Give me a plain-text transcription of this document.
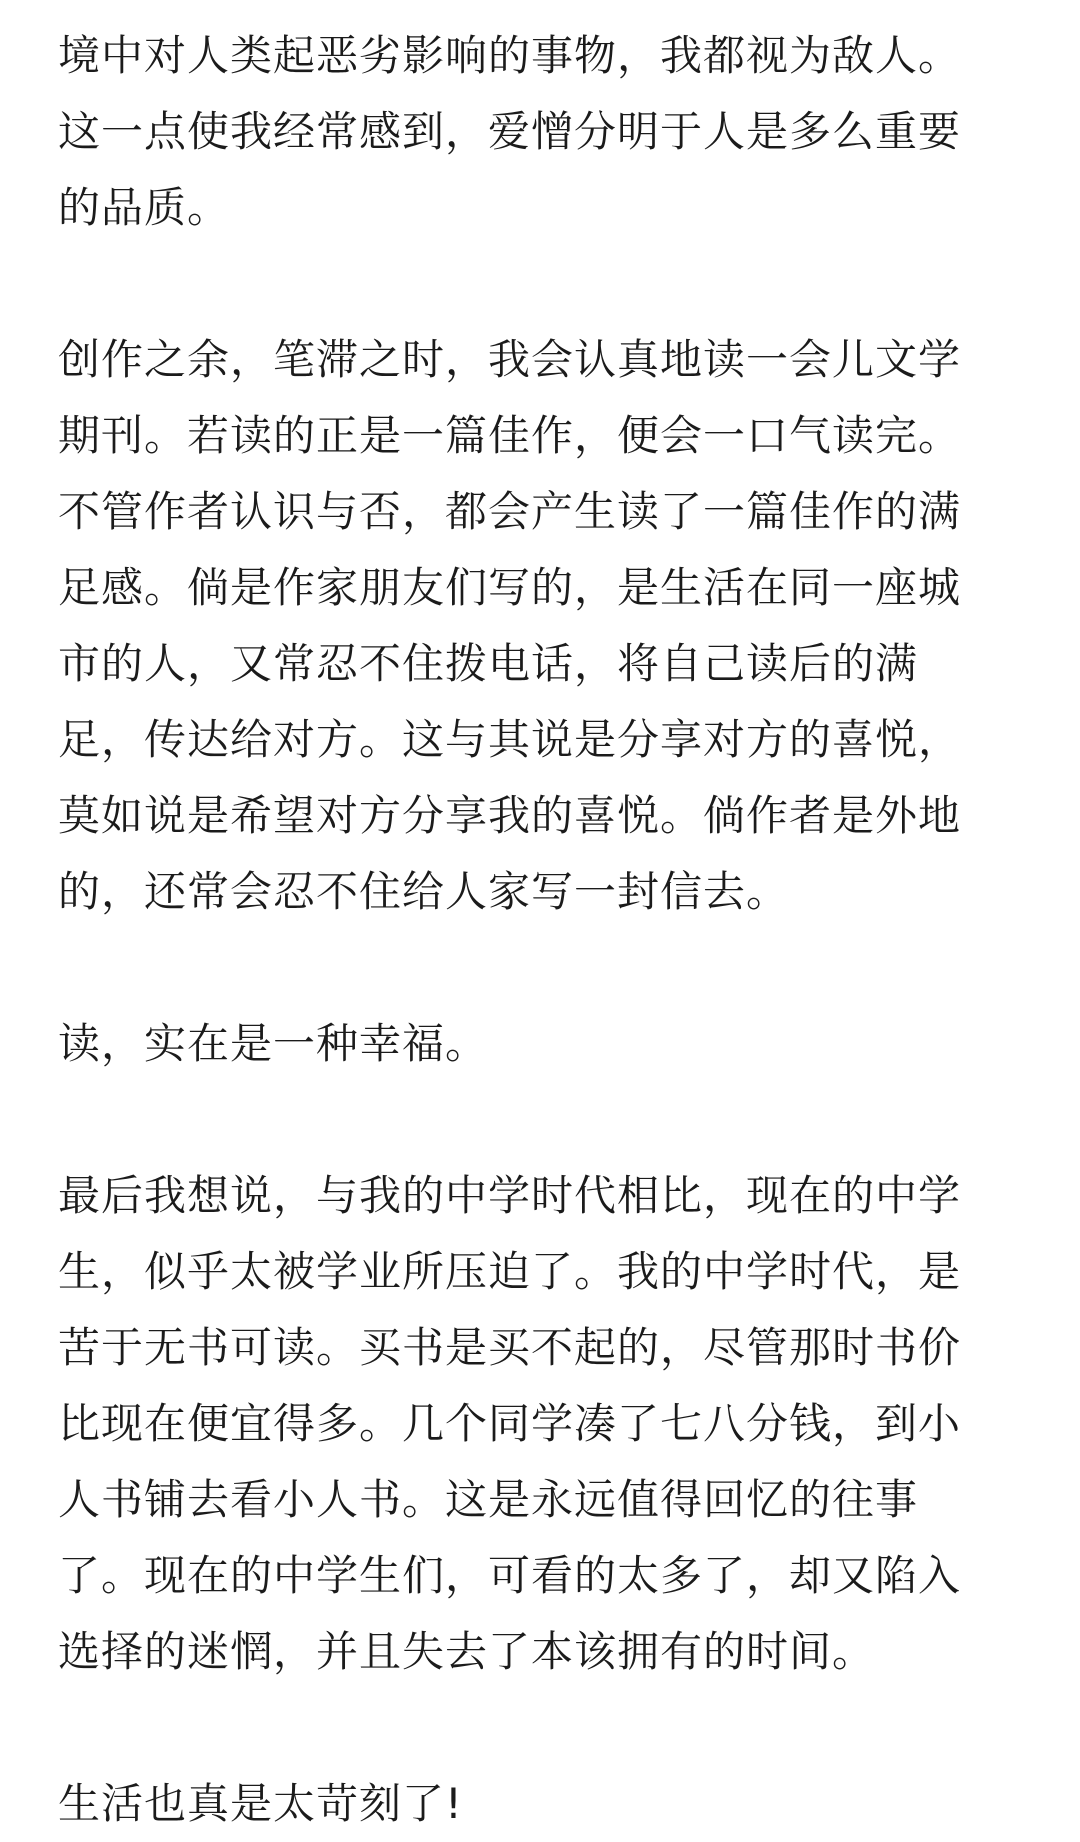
境中对人类起恶劣影响的事物，我都视为敌人。
这一点使我经常感到，爱憎分明于人是多么重要
的品质。

创作之余，笔滞之时，我会认真地读一会儿文学
期刊。若读的正是一篇佳作，便会一口气读完。
不管作者认识与否，都会产生读了一篇佳作的满
足感。倘是作家朋友们写的，是生活在同一座城
市的人，又常忍不住拨电话，将自己读后的满
足，传达给对方。这与其说是分享对方的喜悦，
莫如说是希望对方分享我的喜悦。倘作者是外地
的，还常会忍不住给人家写一封信去。

读，实在是一种幸福。

最后我想说，与我的中学时代相比，现在的中学
生，似乎太被学业所压迫了。我的中学时代，是
苦于无书可读。买书是买不起的，尽管那时书价
比现在便宜得多。几个同学凑了七八分钱，到小
人书铺去看小人书。这是永远值得回忆的往事
了。现在的中学生们，可看的太多了，却又陷入
选择的迷惘，并且失去了本该拥有的时间。

生活也真是太苛刻了!
